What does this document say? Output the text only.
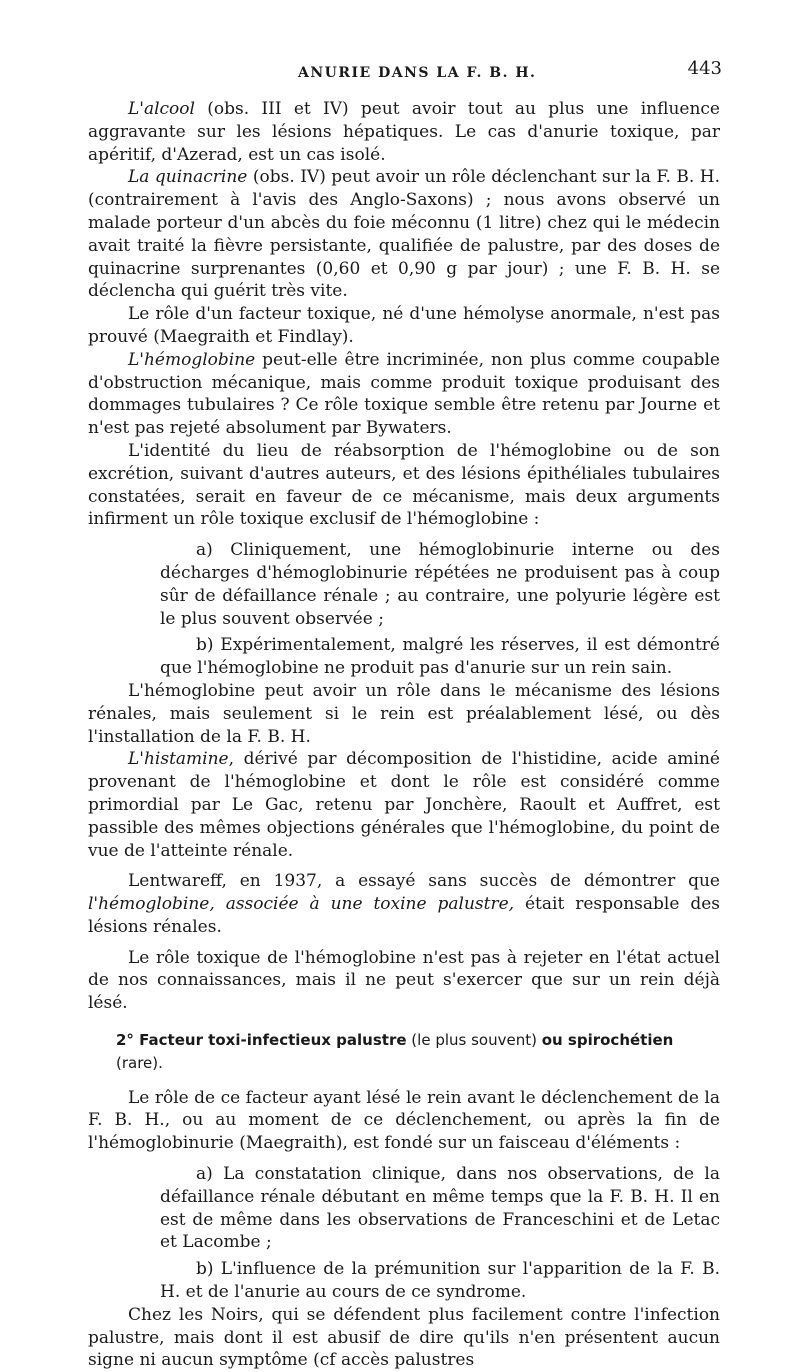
ANURIE DANS LA F. B. H.	443

L'alcool (obs. III et IV) peut avoir tout au plus une influence aggravante sur les lésions hépatiques. Le cas d'anurie toxique, par apéritif, d'Azerad, est un cas isolé.

La quinacrine (obs. IV) peut avoir un rôle déclenchant sur la F. B. H. (contrairement à l'avis des Anglo-Saxons) ; nous avons observé un malade porteur d'un abcès du foie méconnu (1 litre) chez qui le médecin avait traité la fièvre persistante, qualifiée de palustre, par des doses de quinacrine surprenantes (0,60 et 0,90 g par jour) ; une F. B. H. se déclencha qui guérit très vite.

Le rôle d'un facteur toxique, né d'une hémolyse anormale, n'est pas prouvé (Maegraith et Findlay).

L'hémoglobine peut-elle être incriminée, non plus comme coupable d'obstruction mécanique, mais comme produit toxique produisant des dommages tubulaires ? Ce rôle toxique semble être retenu par Journe et n'est pas rejeté absolument par Bywaters.

L'identité du lieu de réabsorption de l'hémoglobine ou de son excrétion, suivant d'autres auteurs, et des lésions épithéliales tubulaires constatées, serait en faveur de ce mécanisme, mais deux arguments infirment un rôle toxique exclusif de l'hémoglobine :

a) Cliniquement, une hémoglobinurie interne ou des décharges d'hémoglobinurie répétées ne produisent pas à coup sûr de défaillance rénale ; au contraire, une polyurie légère est le plus souvent observée ;

b) Expérimentalement, malgré les réserves, il est démontré que l'hémoglobine ne produit pas d'anurie sur un rein sain.

L'hémoglobine peut avoir un rôle dans le mécanisme des lésions rénales, mais seulement si le rein est préalablement lésé, ou dès l'installation de la F. B. H.

L'histamine, dérivé par décomposition de l'histidine, acide aminé provenant de l'hémoglobine et dont le rôle est considéré comme primordial par Le Gac, retenu par Jonchère, Raoult et Auffret, est passible des mêmes objections générales que l'hémoglobine, du point de vue de l'atteinte rénale.

Lentwareff, en 1937, a essayé sans succès de démontrer que l'hémoglobine, associée à une toxine palustre, était responsable des lésions rénales.

Le rôle toxique de l'hémoglobine n'est pas à rejeter en l'état actuel de nos connaissances, mais il ne peut s'exercer que sur un rein déjà lésé.

2° Facteur toxi-infectieux palustre (le plus souvent) ou spirochétien (rare).

Le rôle de ce facteur ayant lésé le rein avant le déclenchement de la F. B. H., ou au moment de ce déclenchement, ou après la fin de l'hémoglobinurie (Maegraith), est fondé sur un faisceau d'éléments :

a) La constatation clinique, dans nos observations, de la défaillance rénale débutant en même temps que la F. B. H. Il en est de même dans les observations de Franceschini et de Letac et Lacombe ;

b) L'influence de la prémunition sur l'apparition de la F. B. H. et de l'anurie au cours de ce syndrome.

Chez les Noirs, qui se défendent plus facilement contre l'infection palustre, mais dont il est abusif de dire qu'ils n'en présentent aucun signe ni aucun symptôme (cf accès palustres
